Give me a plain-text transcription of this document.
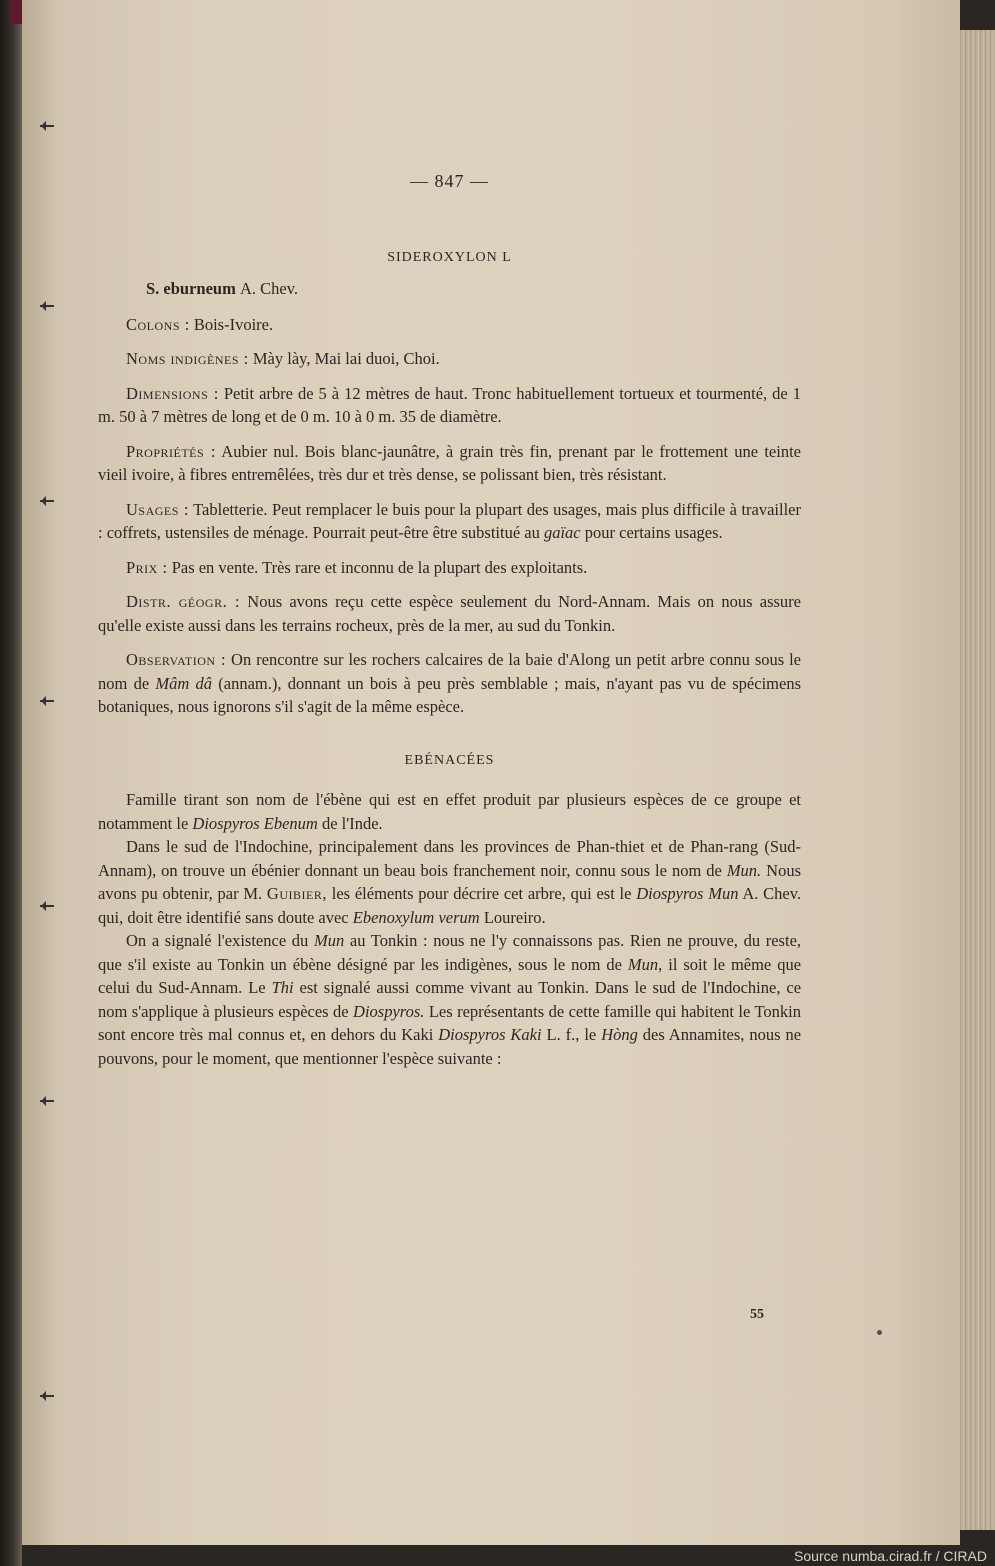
— 847 —
SIDEROXYLON L
S. eburneum A. Chev.

Colons : Bois-Ivoire.

Noms indigènes : Mày lày, Mai lai duoi, Choi.

Dimensions : Petit arbre de 5 à 12 mètres de haut. Tronc habituellement tortueux et tourmenté, de 1 m. 50 à 7 mètres de long et de 0 m. 10 à 0 m. 35 de diamètre.

Propriétés : Aubier nul. Bois blanc-jaunâtre, à grain très fin, prenant par le frottement une teinte vieil ivoire, à fibres entremêlées, très dur et très dense, se polissant bien, très résistant.

Usages : Tabletterie. Peut remplacer le buis pour la plupart des usages, mais plus difficile à travailler : coffrets, ustensiles de ménage. Pourrait peut-être être substitué au gaïac pour certains usages.

Prix : Pas en vente. Très rare et inconnu de la plupart des exploitants.

Distr. géogr. : Nous avons reçu cette espèce seulement du Nord-Annam. Mais on nous assure qu'elle existe aussi dans les terrains rocheux, près de la mer, au sud du Tonkin.

Observation : On rencontre sur les rochers calcaires de la baie d'Along un petit arbre connu sous le nom de Mâm dâ (annam.), donnant un bois à peu près semblable ; mais, n'ayant pas vu de spécimens botaniques, nous ignorons s'il s'agit de la même espèce.

EBÉNACÉES

Famille tirant son nom de l'ébène qui est en effet produit par plusieurs espèces de ce groupe et notamment le Diospyros Ebenum de l'Inde.

Dans le sud de l'Indochine, principalement dans les provinces de Phan-thiet et de Phan-rang (Sud-Annam), on trouve un ébénier donnant un beau bois franchement noir, connu sous le nom de Mun. Nous avons pu obtenir, par M. Guibier, les éléments pour décrire cet arbre, qui est le Diospyros Mun A. Chev. qui, doit être identifié sans doute avec Ebenoxylum verum Loureiro.

On a signalé l'existence du Mun au Tonkin : nous ne l'y connaissons pas. Rien ne prouve, du reste, que s'il existe au Tonkin un ébène désigné par les indigènes, sous le nom de Mun, il soit le même que celui du Sud-Annam. Le Thi est signalé aussi comme vivant au Tonkin. Dans le sud de l'Indochine, ce nom s'applique à plusieurs espèces de Diospyros. Les représentants de cette famille qui habitent le Tonkin sont encore très mal connus et, en dehors du Kaki Diospyros Kaki L. f., le Hòng des Annamites, nous ne pouvons, pour le moment, que mentionner l'espèce suivante :

55
Source numba.cirad.fr / CIRAD
